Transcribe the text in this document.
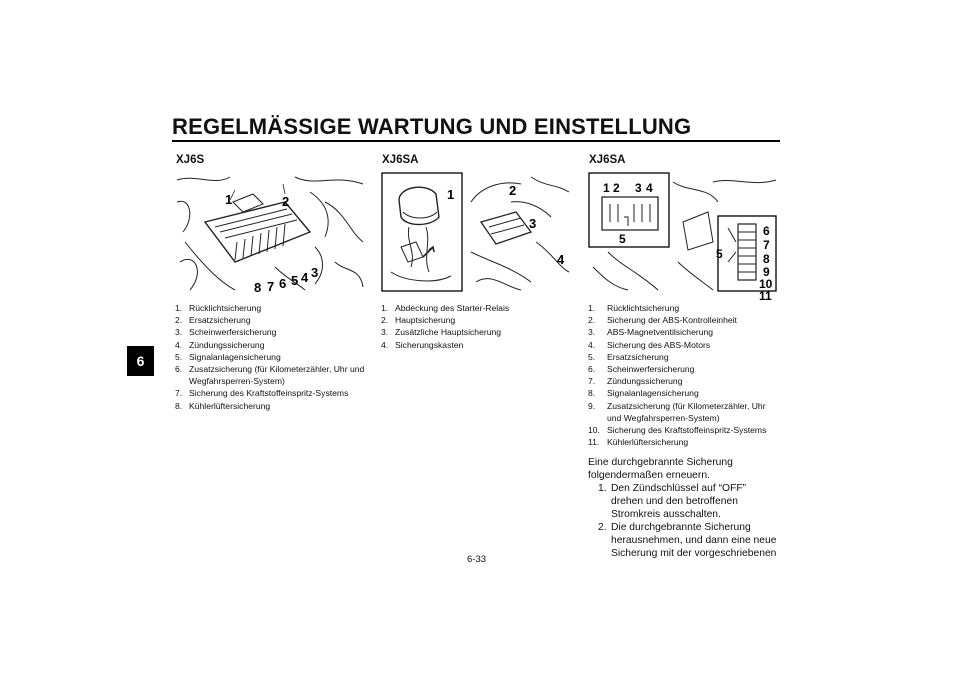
REGELMÄSSIGE WARTUNG UND EINSTELLUNG
6
XJ6S
1	2
3
4
5
6
7
8
1. Rücklichtsicherung
2. Ersatzsicherung
3. Scheinwerfersicherung
4. Zündungssicherung
5. Signalanlagensicherung
6. Zusatzsicherung (für Kilometerzähler, Uhr und Wegfahrsperren-System)
7. Sicherung des Kraftstoffeinspritz-Systems
8. Kühlerlüftersicherung
XJ6SA
1	2
3
4
1. Abdeckung des Starter-Relais
2. Hauptsicherung
3. Zusätzliche Hauptsicherung
4. Sicherungskasten
XJ6SA
1 2 3 4
5
5
6
7
8
9
10
11
1.	Rücklichtsicherung
2.	Sicherung der ABS-Kontrolleinheit
3.	ABS-Magnetventilsicherung
4.	Sicherung des ABS-Motors
5.	Ersatzsicherung
6.	Scheinwerfersicherung
7.	Zündungssicherung
8.	Signalanlagensicherung
9.	Zusatzsicherung (für Kilometerzähler, Uhr und Wegfahrsperren-System)
10. Sicherung des Kraftstoffeinspritz-Systems
11. Kühlerlüftersicherung

Eine durchgebrannte Sicherung folgendermaßen erneuern.

1. Den Zündschlüssel auf “OFF” drehen und den betroffenen Stromkreis ausschalten.
2. Die durchgebrannte Sicherung herausnehmen, und dann eine neue Sicherung mit der vorgeschriebenen
6-33
